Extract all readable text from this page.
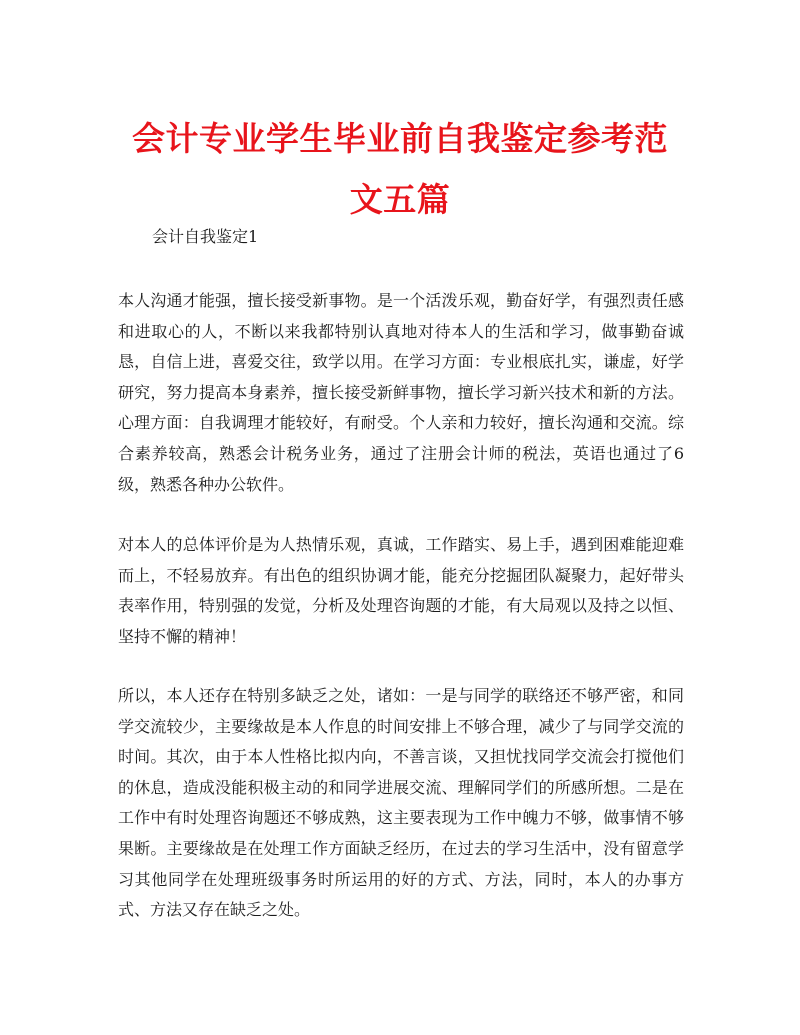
会计专业学生毕业前自我鉴定参考范文五篇

会计自我鉴定1

本人沟通才能强，擅长接受新事物。是一个活泼乐观，勤奋好学，有强烈责任感和进取心的人，不断以来我都特别认真地对待本人的生活和学习，做事勤奋诚恳，自信上进，喜爱交往，致学以用。在学习方面：专业根底扎实，谦虚，好学研究，努力提高本身素养，擅长接受新鲜事物，擅长学习新兴技术和新的方法。心理方面：自我调理才能较好，有耐受。个人亲和力较好，擅长沟通和交流。综合素养较高，熟悉会计税务业务，通过了注册会计师的税法，英语也通过了6级，熟悉各种办公软件。

对本人的总体评价是为人热情乐观，真诚，工作踏实、易上手，遇到困难能迎难而上，不轻易放弃。有出色的组织协调才能，能充分挖掘团队凝聚力，起好带头表率作用，特别强的发觉，分析及处理咨询题的才能，有大局观以及持之以恒、坚持不懈的精神！

所以，本人还存在特别多缺乏之处，诸如：一是与同学的联络还不够严密，和同学交流较少，主要缘故是本人作息的时间安排上不够合理，减少了与同学交流的时间。其次，由于本人性格比拟内向，不善言谈，又担忧找同学交流会打搅他们的休息，造成没能积极主动的和同学进展交流、理解同学们的所感所想。二是在工作中有时处理咨询题还不够成熟，这主要表现为工作中魄力不够，做事情不够果断。主要缘故是在处理工作方面缺乏经历，在过去的学习生活中，没有留意学习其他同学在处理班级事务时所运用的好的方式、方法，同时，本人的办事方式、方法又存在缺乏之处。
